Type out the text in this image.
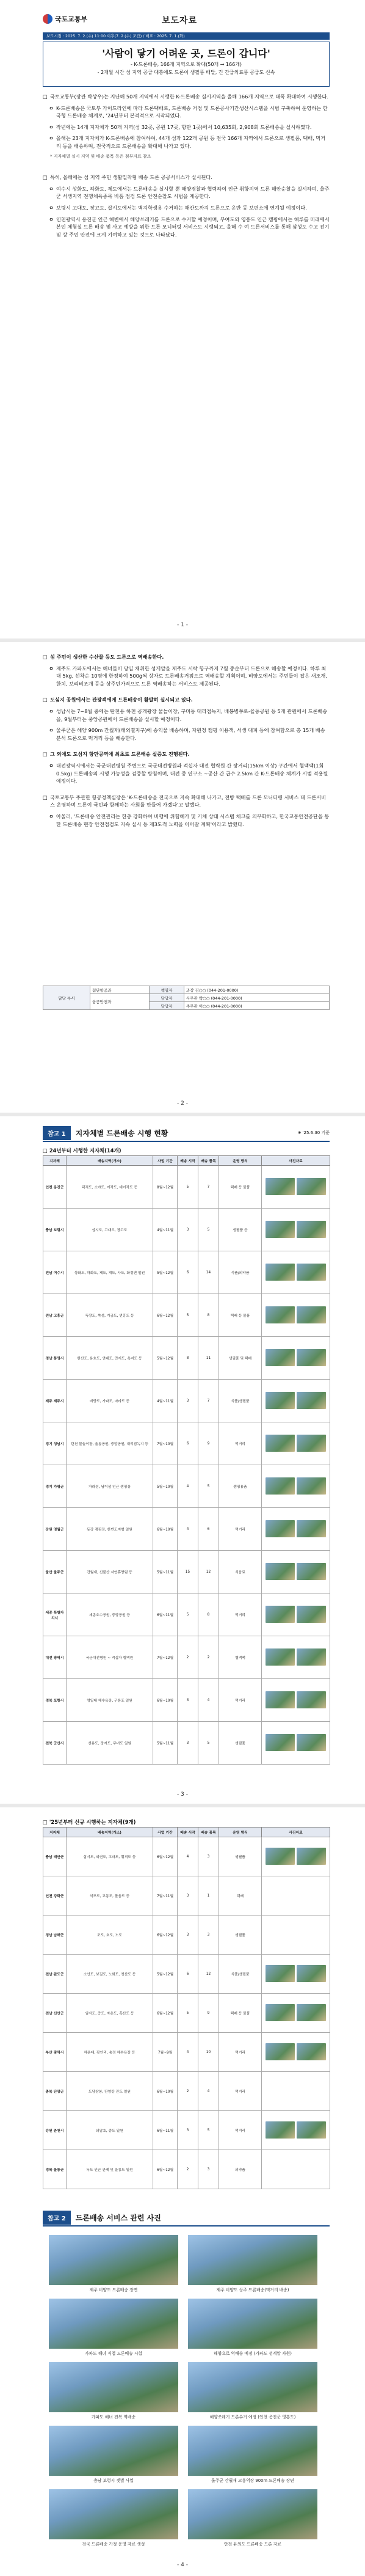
국토교통부	보도자료
보도시점 : 2025. 7. 2.(수) 11:00 이후(7. 2.(수) 조간) / 배포 : 2025. 7. 1.(화)
'사람이 닿기 어려운 곳, 드론이 갑니다'
- K-드론배송, 166개 지역으로 확대(50개 → 166개)
- 2개월 시간 섬 지역 공급 대흥에도 드론이 생필품 배달, 긴 간급의료품 공급도 신속
□ 국토교통부(장관 박상우)는 지난해 50개 지역에서 시행한 K-드론배송 실시지역을 올해 166개 지역으로 대폭 확대하여 시행한다.
ㅇ K-드론배송은 국토부 가이드라인에 따라 드론택배로, 드론배송 거점 및 드론공사기간생산시스템을 시범 구축하여 운영하는 한국형 드론배송 체계로, '24년부터 본격적으로 시작되었다.
ㅇ 작년에는 14개 지자체가 50개 지역(섬 32곳, 공원 17곳, 항만 1곳)에서 10,635회, 2,908회 드론배송을 실시하였다.
ㅇ 올해는 23개 지자체가 K-드론배송에 참여하여, 44개 섬과 122개 공원 등 전국 166개 지역에서 드론으로 생필품, 택배, 먹거리 등을 배송하며, 전국적으로 드론배송을 확대해 나가고 있다.
* 지자체별 실시 지역 및 배송 품목 등은 첨부자료 참조
□ 특히, 올해에는 섬 지역 주민 생활밀착형 배송 드론 공공서비스가 실시된다.
ㅇ 여수시 상화도, 하화도, 제도에서는 드론배송을 실시할 뿐 해양경찰과 협력하여 인근 취항지역 드론 해안순찰을 실시하며, 울주군 서생지역 전쟁체육종목 비품 점검 드론 안전순찰도 시범을 제공한다.
ㅇ 보령시 고대도, 장고도, 삽시도에서는 벽지학생용 수거하는 해산도까지 드론으로 운반 등 보편소에 연계될 예정이다.
ㅇ 인천광역시 옹진군 인근 해변에서 해양쓰레기를 드론으로 수거할 예정이며, 부여도와 영흥도 인근 캠핑에서는 해루를 미래에서 본인 체험실 드론 배송 및 사고 예방을 위한 드론 모니터링 서비스도 시행되고, 올해 수 여 드론서비스를 통해 삼성도 수고 전기 및 상 주민 안전에 크게 기여하고 있는 것으로 나타났다.
- 1 -
□ 섬 주민이 생산한 수산물 등도 드론으로 역배송한다.
ㅇ 제주도 가파도에서는 해녀들이 당일 채취한 성게알을 제주도 시락 항구까지 7월 중순부터 드론으로 해송할 예정이다. 하루 최대 5kg, 선착순 10명에 한정하여 500g씩 상자로 드론배송거점으로 역배송할 계획이며, 비양도에서는 주민들이 잡은 새조개, 한치, 보리비조개 등을 상주민가격으로 드론 역배송하는 서비스도 제공된다.
□ 도심지 공원에서는 관광객에게 드론배송이 활발히 실시되고 있다.
ㅇ 성남시는 7~8월 중에는 탄천용 하천 공개광장 물놀이장, 구미동 대리점녹지, 배봉병쭈로-율동공원 등 5개 관원에서 드론배송을, 9월부터는 중앙공원에서 드론배송을 실시할 예정이다.
ㅇ 울주군은 해양 900m 간월재(해외결지구)에 송익물 배송하며, 자원정 캠핑 이용객, 서생 대피 등에 참여함으로 총 15개 배송분석 드론으로 먹거리 등을 배송한다.
□ 그 외에도 도심지 항만공역에 최초로 드론배송 실증도 진행된다.
ㅇ 대전광역시에서는 국군대전병원 주변으로 국군대전병원과 적십자 대전 협력원 간 장거리(15km 이상) 구간에서 혈액팩(1회 0.5kg) 드론배송의 시행 가능성을 검증할 방침이며, 대전 중 연구소 ~공산 간 급수 2.5km 간 K-드론배송 체계가 시범 적용될 예정이다.
□ 국토교통부 주관한 항공정책실장은 'K-드론배송을 전국으로 지속 확대해 나가고, 전방 택배를 드론 모니터링 서비스 대 드론서비스 운영하며 드론이 국민과 함께하는 사회를 만들어 가겠다'고 말했다.
ㅇ 아울러, '드론배송 안전관리는 한층 강화하여 비행에 위험해가 및 기체 상태 시스템 체크를 의무화하고, 한국교통안전공단을 통한 드론배송 현장 안전점검도 지속 실시 등 제3도적 노력을 이어갈 계획'이라고 밝혔다.
담당 부서	첨단항공과	책임자	과장 김○○ (044-201-0000)
	항공안전과	담당자	사무관 박○○ (044-201-0000)
		담당자	주무관 이○○ (044-201-0000)
- 2 -
참고 1	지자체별 드론배송 시행 현황	※ '25.6.30 기준
□ 24년부터 시행한 지자체(14개)
지자체	배송지역(개소)	사업 기간	배송 시작	배송 품목	운영 방식	사진자료
인천 옹진군	덕적도, 소야도, 이작도, 대이작도 등	8월~12월	5	7	택배 등 물품	
충남 보령시	삽시도, 고대도, 장고도	4월~11월	3	5	생필품 등	
전남 여수시	상화도, 하화도, 제도, 개도, 사도, 화정면 일원	5월~12월	6	14	식품/의약품	
전남 고흥군	득량도, 쑥섬, 거금도, 연홍도 등	6월~12월	5	8	택배 등 물품	
경남 통영시	한산도, 용호도, 연대도, 만지도, 욕지도 등	5월~12월	8	11	생필품 및 택배	
제주 제주시	비양도, 가파도, 마라도 등	4월~11월	3	7	식품/생필품	
경기 성남시	탄천 물놀이장, 율동공원, 중앙공원, 대리점녹지 등	7월~10월	6	9	먹거리	
경기 가평군	자라섬, 남이섬 인근 캠핑장	5월~10월	4	5	캠핑용품	
강원 영월군	동강 캠핑장, 한반도지형 일원	6월~10월	4	6	먹거리	
울산 울주군	간월재, 신불산 자연휴양림 등	5월~11월	15	12	식음료	
세종 특별자치시	세종호수공원, 중앙공원 등	6월~11월	5	8	먹거리	
대전 광역시	국군대전병원 ~ 적십자 혈액원	7월~12월	2	2	혈액팩	
경북 포항시	영일대 해수욕장, 구룡포 일원	6월~10월	3	4	먹거리	
전북 군산시	선유도, 장자도, 무녀도 일원	5월~11월	3	5	생필품	
- 3 -
□ '25년부터 신규 시행하는 지자체(9개)
지자체	배송지역(개소)	사업 기간	배송 시작	배송 품목	운영 방식	사진자료
충남 태안군	삽시도, 외연도, 고파도, 횡격도 등	6월~12월	4	3	생필품	
인천 강화군	석모도, 교동도, 볼음도 등	7월~11월	3	1	택배	
경남 남해군	조도, 호도, 노도	6월~12월	3	3	생필품	
전남 완도군	소안도, 보길도, 노화도, 청산도 등	5월~12월	6	12	식품/생필품	
전남 신안군	임자도, 증도, 자은도, 흑산도 등	6월~12월	5	9	택배 등 물품	
부산 광역시	해운대, 광안리, 송정 해수욕장 등	7월~9월	4	10	먹거리	
충북 단양군	도담삼봉, 단양강 잔도 일원	6월~10월	2	4	먹거리	
강원 춘천시	의암호, 중도 일원	6월~11월	3	5	먹거리	
경북 울릉군	독도 인근 관제 및 울릉도 일원	6월~12월	2	3	의약품	
참고 2	드론배송 서비스 관련 사진
제주 비양도 드론배송 장면	제주 비양도 상주 드론배송(먹거리 배송)
가파도 해녀 직접 드론배송 시험	해양으로 역배송 예정 (가파도 성게알 자원)
가파도 해녀 전복 역배송	해양쓰레기 드론수거 예정 (인천 옹진군 영흥도)
충남 보령시 갯벌 사업	울주군 간월재 고흥역장 900m 드론배송 장면
전국 드론배송 가정 운영 자료 생성	안전 유의도 드론배송 드론 자료
- 4 -
